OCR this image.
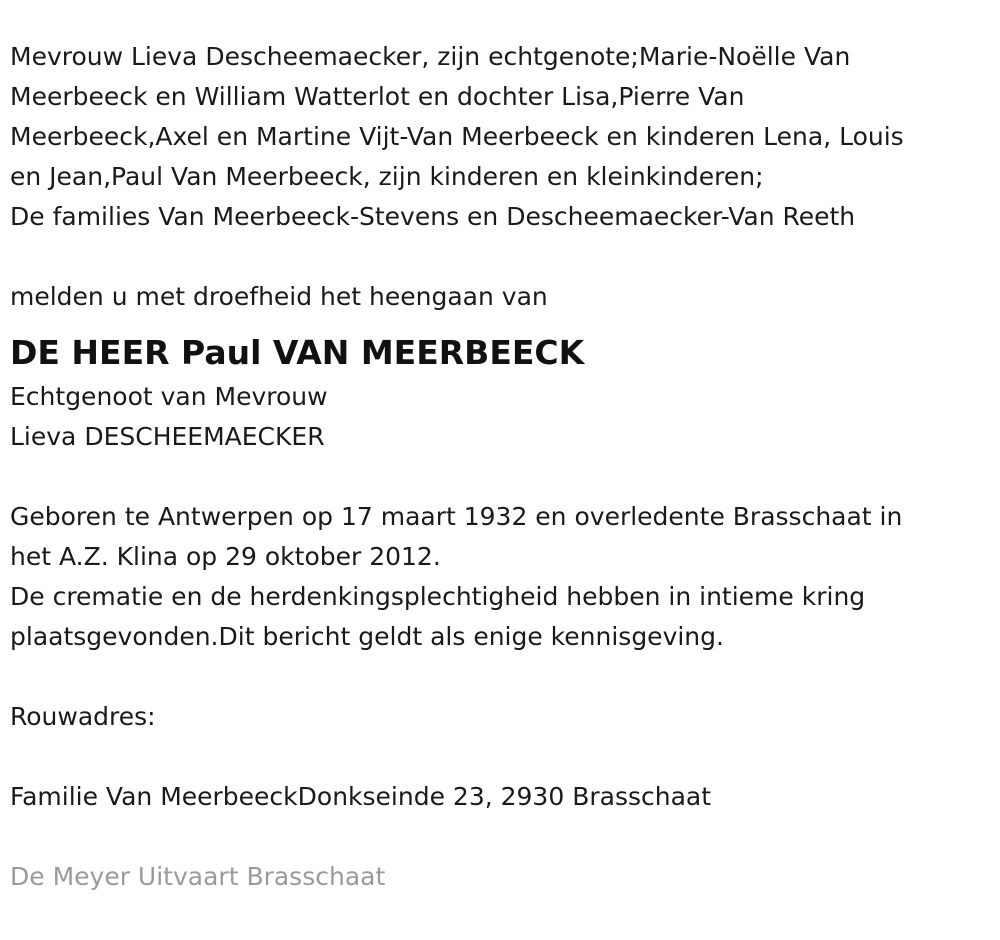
Mevrouw Lieva Descheemaecker, zijn echtgenote;Marie-Noëlle Van

Meerbeeck en William Watterlot en dochter Lisa,Pierre Van

Meerbeeck,Axel en Martine Vijt-Van Meerbeeck en kinderen Lena, Louis

en Jean,Paul Van Meerbeeck, zijn kinderen en kleinkinderen;

De families Van Meerbeeck-Stevens en Descheemaecker-Van Reeth

melden u met droefheid het heengaan van

DE HEER Paul VAN MEERBEECK

Echtgenoot van Mevrouw

Lieva DESCHEEMAECKER

Geboren te Antwerpen op 17 maart 1932 en overledente Brasschaat in

het A.Z. Klina op 29 oktober 2012.

De crematie en de herdenkingsplechtigheid hebben in intieme kring

plaatsgevonden.Dit bericht geldt als enige kennisgeving.

Rouwadres:

Familie Van MeerbeeckDonkseinde 23, 2930 Brasschaat

De Meyer Uitvaart Brasschaat
